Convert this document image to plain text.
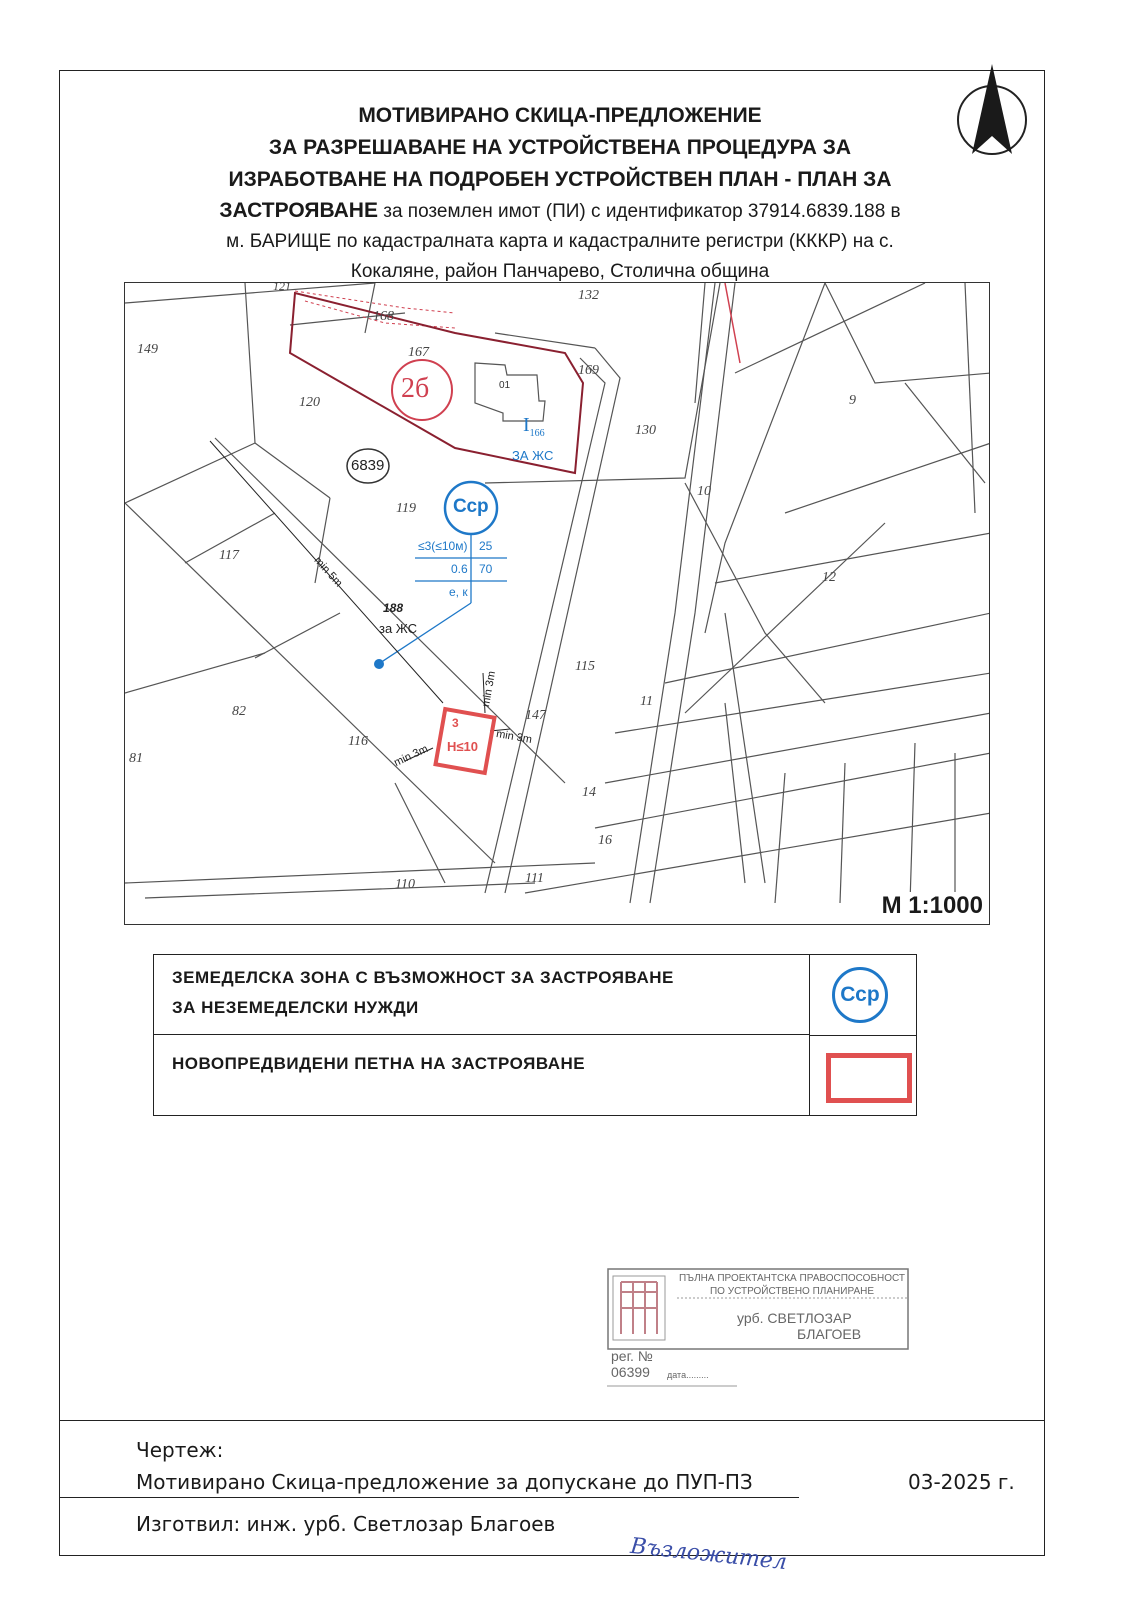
МОТИВИРАНО СКИЦА-ПРЕДЛОЖЕНИЕ
ЗА РАЗРЕШАВАНЕ НА УСТРОЙСТВЕНА ПРОЦЕДУРА ЗА
ИЗРАБОТВАНЕ НА ПОДРОБЕН УСТРОЙСТВЕН ПЛАН - ПЛАН ЗА
ЗАСТРОЯВАНЕ за поземлен имот (ПИ) с идентификатор 37914.6839.188 в
м. БАРИЩЕ по кадастралната карта и кадастралните регистри (КККР) на с.
Кокаляне, район Панчарево, Столична община
132
168
167
169
149
120
130
9
10
119
117
12
115
11
147
82
116
81
14
16
110	111
121
2б	01
$I_{166}$
ЗА ЖС
6839
Сср
≤3(≤10м) 25
0.6 70
е, к
188
за ЖС
min 5m
min 3m
min 3m
min 3m
3
H≤10
М 1:1000
ЗЕМЕДЕЛСКА ЗОНА С ВЪЗМОЖНОСТ ЗА ЗАСТРОЯВАНЕ
ЗА НЕЗЕМЕДЕЛСКИ НУЖДИ
Сср
НОВОПРЕДВИДЕНИ ПЕТНА НА ЗАСТРОЯВАНЕ
ПЪЛНА ПРОЕКТАНТСКА ПРАВОСПОСОБНОСТ
ПО УСТРОЙСТВЕНО ПЛАНИРАНЕ
урб. СВЕТЛОЗАР
БЛАГОЕВ
рег. №
06399 дата.........
Чертеж:
Мотивирано Скица-предложение за допускане до ПУП-ПЗ
Изготвил: инж. урб. Светлозар Благоев
03-2025 г.
Възложител
